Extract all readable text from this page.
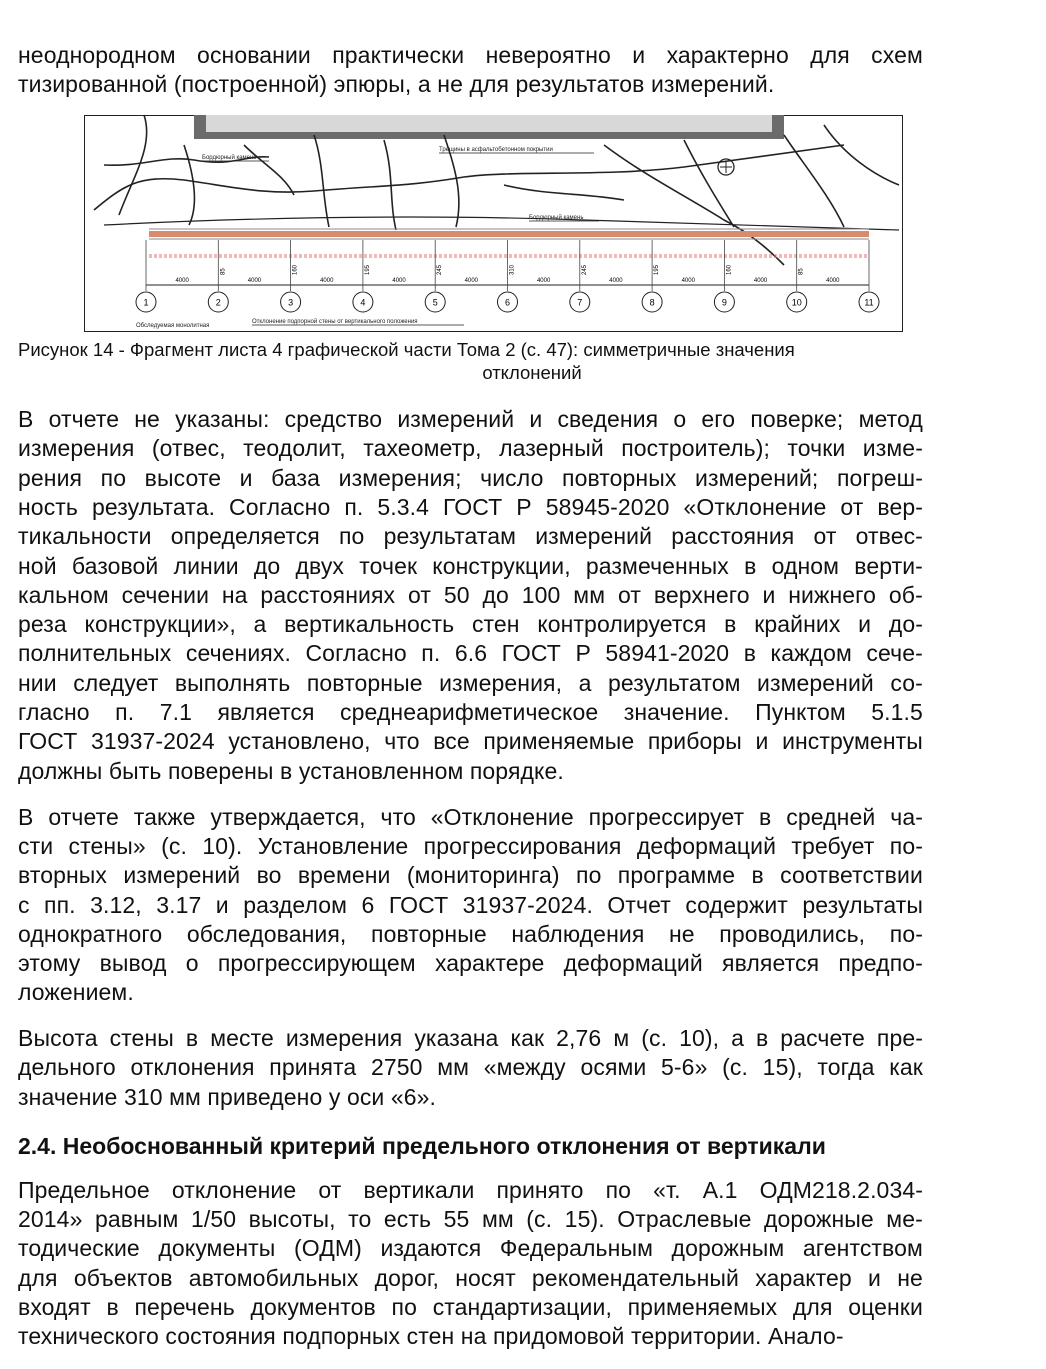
неоднородном основании практически невероятно и характерно для схем
тизированной (построенной) эпюры, а не для результатов измерений.
Бордюрный камень
Трещины в асфальтобетонном покрытии
Бордюрный камень
Обследуемая монолитная
Отклонение подпорной стены от вертикального положения
1	2	3	4	5	6	7	8	9	10	11
4000	4000	4000	4000	4000	4000	4000	4000	4000	4000
85	160	195	245	310	245	195	160	85
Рисунок 14 - Фрагмент листа 4 графической части Тома 2 (с. 47): симметричные значения
отклонений
В отчете не указаны: средство измерений и сведения о его поверке; метод
измерения (отвес, теодолит, тахеометр, лазерный построитель); точки изме-
рения по высоте и база измерения; число повторных измерений; погреш-
ность результата. Согласно п. 5.3.4 ГОСТ Р 58945-2020 «Отклонение от вер-
тикальности определяется по результатам измерений расстояния от отвес-
ной базовой линии до двух точек конструкции, размеченных в одном верти-
кальном сечении на расстояниях от 50 до 100 мм от верхнего и нижнего об-
реза конструкции», а вертикальность стен контролируется в крайних и до-
полнительных сечениях. Согласно п. 6.6 ГОСТ Р 58941-2020 в каждом сече-
нии следует выполнять повторные измерения, а результатом измерений со-
гласно п. 7.1 является среднеарифметическое значение. Пунктом 5.1.5
ГОСТ 31937-2024 установлено, что все применяемые приборы и инструменты
должны быть поверены в установленном порядке.
В отчете также утверждается, что «Отклонение прогрессирует в средней ча-
сти стены» (с. 10). Установление прогрессирования деформаций требует по-
вторных измерений во времени (мониторинга) по программе в соответствии
с пп. 3.12, 3.17 и разделом 6 ГОСТ 31937-2024. Отчет содержит результаты
однократного обследования, повторные наблюдения не проводились, по-
этому вывод о прогрессирующем характере деформаций является предпо-
ложением.
Высота стены в месте измерения указана как 2,76 м (с. 10), а в расчете пре-
дельного отклонения принята 2750 мм «между осями 5-6» (с. 15), тогда как
значение 310 мм приведено у оси «6».
2.4. Необоснованный критерий предельного отклонения от вертикали
Предельное отклонение от вертикали принято по «т. А.1 ОДМ218.2.034-
2014» равным 1/50 высоты, то есть 55 мм (с. 15). Отраслевые дорожные ме-
тодические документы (ОДМ) издаются Федеральным дорожным агентством
для объектов автомобильных дорог, носят рекомендательный характер и не
входят в перечень документов по стандартизации, применяемых для оценки
технического состояния подпорных стен на придомовой территории. Анало-
